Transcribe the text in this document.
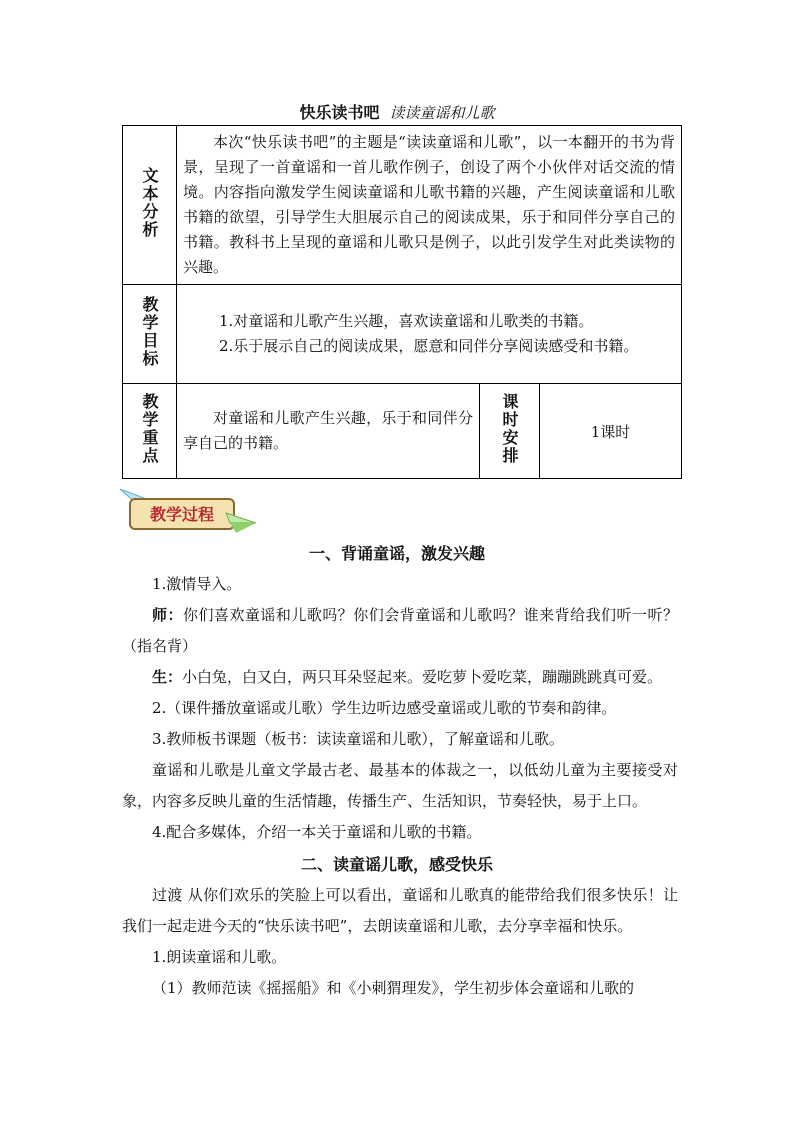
快乐读书吧 读读童谣和儿歌
文本分析	本次“快乐读书吧”的主题是“读读童谣和儿歌”，以一本翻开的书为背景，呈现了一首童谣和一首儿歌作例子，创设了两个小伙伴对话交流的情境。内容指向激发学生阅读童谣和儿歌书籍的兴趣，产生阅读童谣和儿歌书籍的欲望，引导学生大胆展示自己的阅读成果，乐于和同伴分享自己的书籍。教科书上呈现的童谣和儿歌只是例子，以此引发学生对此类读物的兴趣。		

教学目标	1.对童谣和儿歌产生兴趣，喜欢读童谣和儿歌类的书籍。
2.乐于展示自己的阅读成果，愿意和同伴分享阅读感受和书籍。		

教学重点	对童谣和儿歌产生兴趣，乐于和同伴分享自己的书籍。	课时安排	1课时
教学过程
一、背诵童谣，激发兴趣
1.激情导入。
师：你们喜欢童谣和儿歌吗？你们会背童谣和儿歌吗？谁来背给我们听一听？（指名背）
生：小白兔，白又白，两只耳朵竖起来。爱吃萝卜爱吃菜，蹦蹦跳跳真可爱。
2.（课件播放童谣或儿歌）学生边听边感受童谣或儿歌的节奏和韵律。
3.教师板书课题（板书：读读童谣和儿歌），了解童谣和儿歌。
童谣和儿歌是儿童文学最古老、最基本的体裁之一，以低幼儿童为主要接受对象，内容多反映儿童的生活情趣，传播生产、生活知识，节奏轻快，易于上口。
4.配合多媒体，介绍一本关于童谣和儿歌的书籍。
二、读童谣儿歌，感受快乐
过渡 从你们欢乐的笑脸上可以看出，童谣和儿歌真的能带给我们很多快乐！让我们一起走进今天的“快乐读书吧”，去朗读童谣和儿歌，去分享幸福和快乐。
1.朗读童谣和儿歌。
（1）教师范读《摇摇船》和《小刺猬理发》，学生初步体会童谣和儿歌的
